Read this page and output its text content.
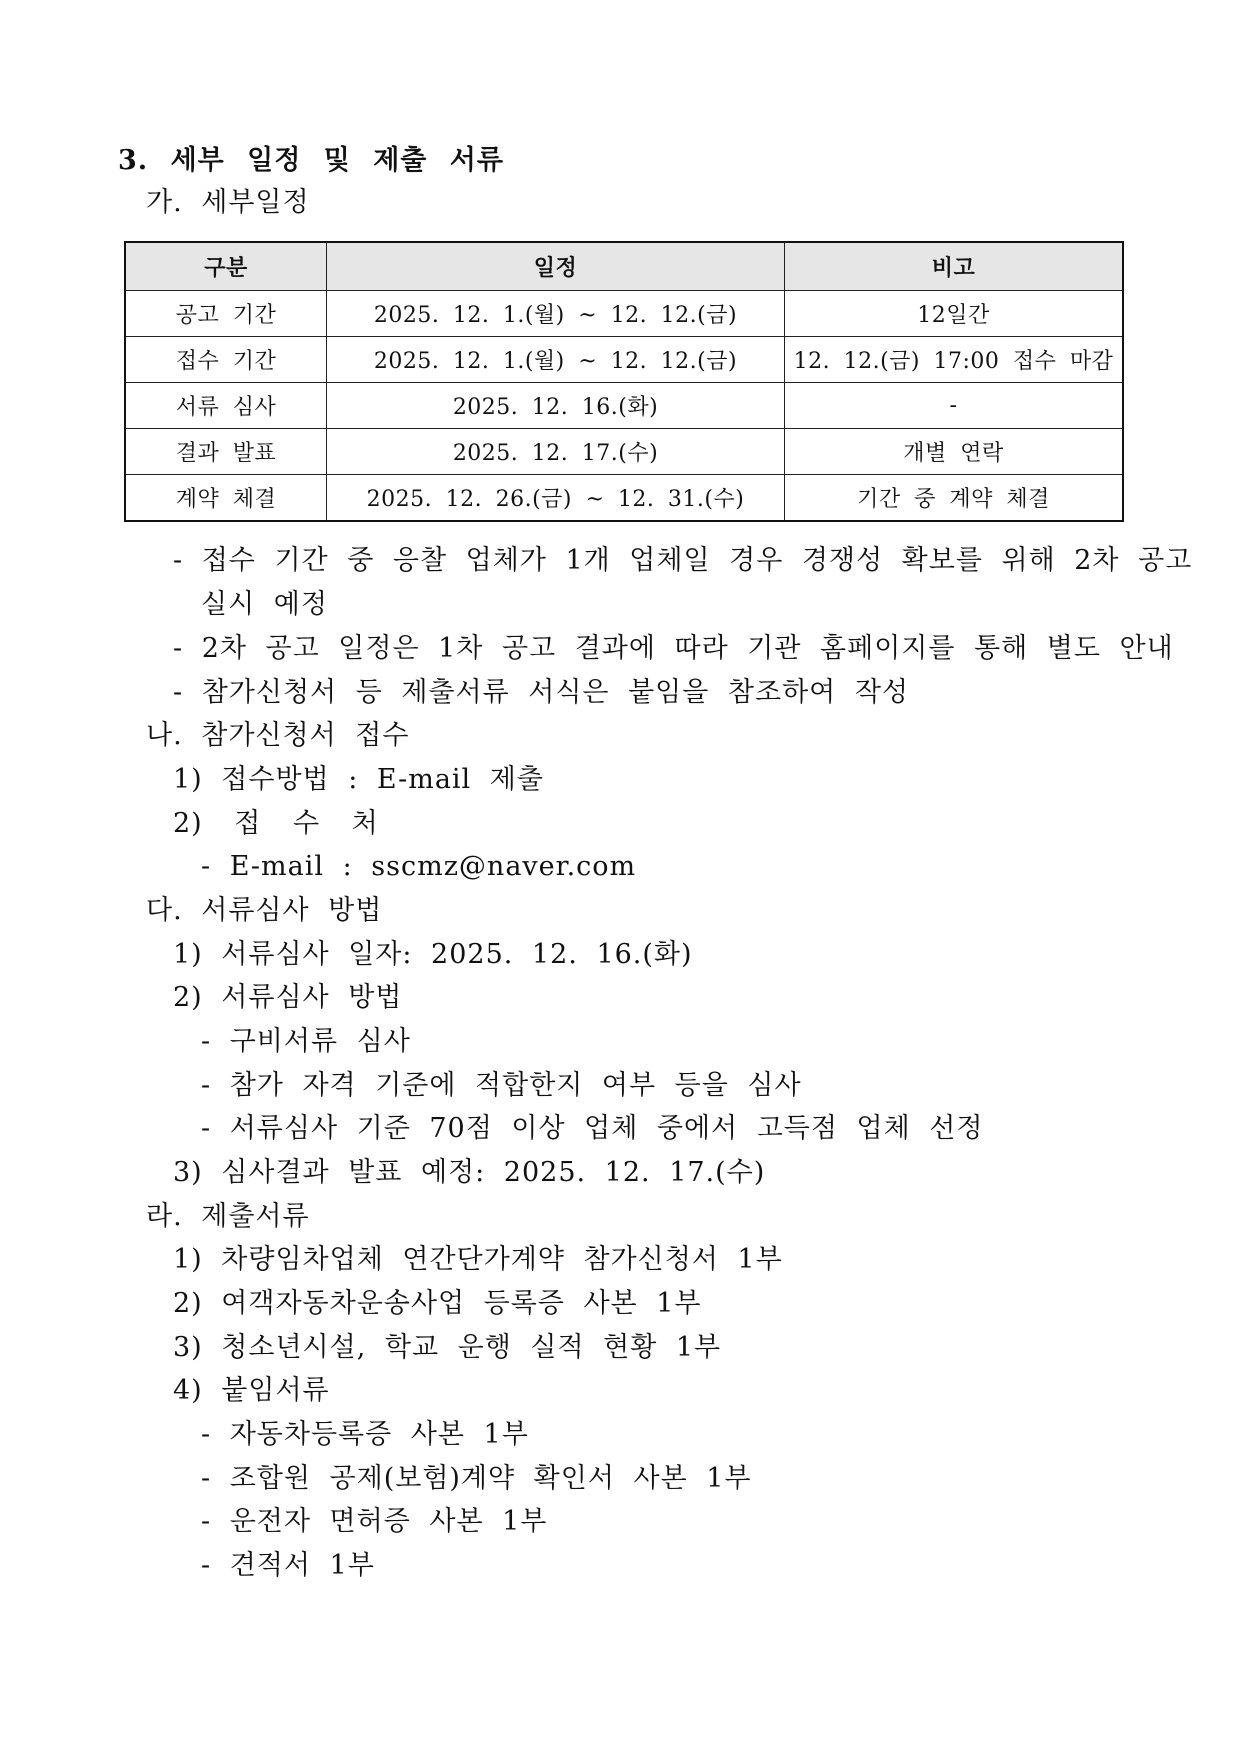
3. 세부 일정 및 제출 서류
가. 세부일정
구분	일정	비고
공고 기간	2025. 12. 1.(월) ~ 12. 12.(금)	12일간
접수 기간	2025. 12. 1.(월) ~ 12. 12.(금)	12. 12.(금) 17:00 접수 마감
서류 심사	2025. 12. 16.(화)	-
결과 발표	2025. 12. 17.(수)	개별 연락
계약 체결	2025. 12. 26.(금) ~ 12. 31.(수)	기간 중 계약 체결
- 접수 기간 중 응찰 업체가 1개 업체일 경우 경쟁성 확보를 위해 2차 공고
실시 예정
- 2차 공고 일정은 1차 공고 결과에 따라 기관 홈페이지를 통해 별도 안내
- 참가신청서 등 제출서류 서식은 붙임을 참조하여 작성
나. 참가신청서 접수
1) 접수방법 : E-mail 제출
2) 접 수 처
- E-mail : sscmz@naver.com
다. 서류심사 방법
1) 서류심사 일자: 2025. 12. 16.(화)
2) 서류심사 방법
- 구비서류 심사
- 참가 자격 기준에 적합한지 여부 등을 심사
- 서류심사 기준 70점 이상 업체 중에서 고득점 업체 선정
3) 심사결과 발표 예정: 2025. 12. 17.(수)
라. 제출서류
1) 차량임차업체 연간단가계약 참가신청서 1부
2) 여객자동차운송사업 등록증 사본 1부
3) 청소년시설, 학교 운행 실적 현황 1부
4) 붙임서류
- 자동차등록증 사본 1부
- 조합원 공제(보험)계약 확인서 사본 1부
- 운전자 면허증 사본 1부
- 견적서 1부
